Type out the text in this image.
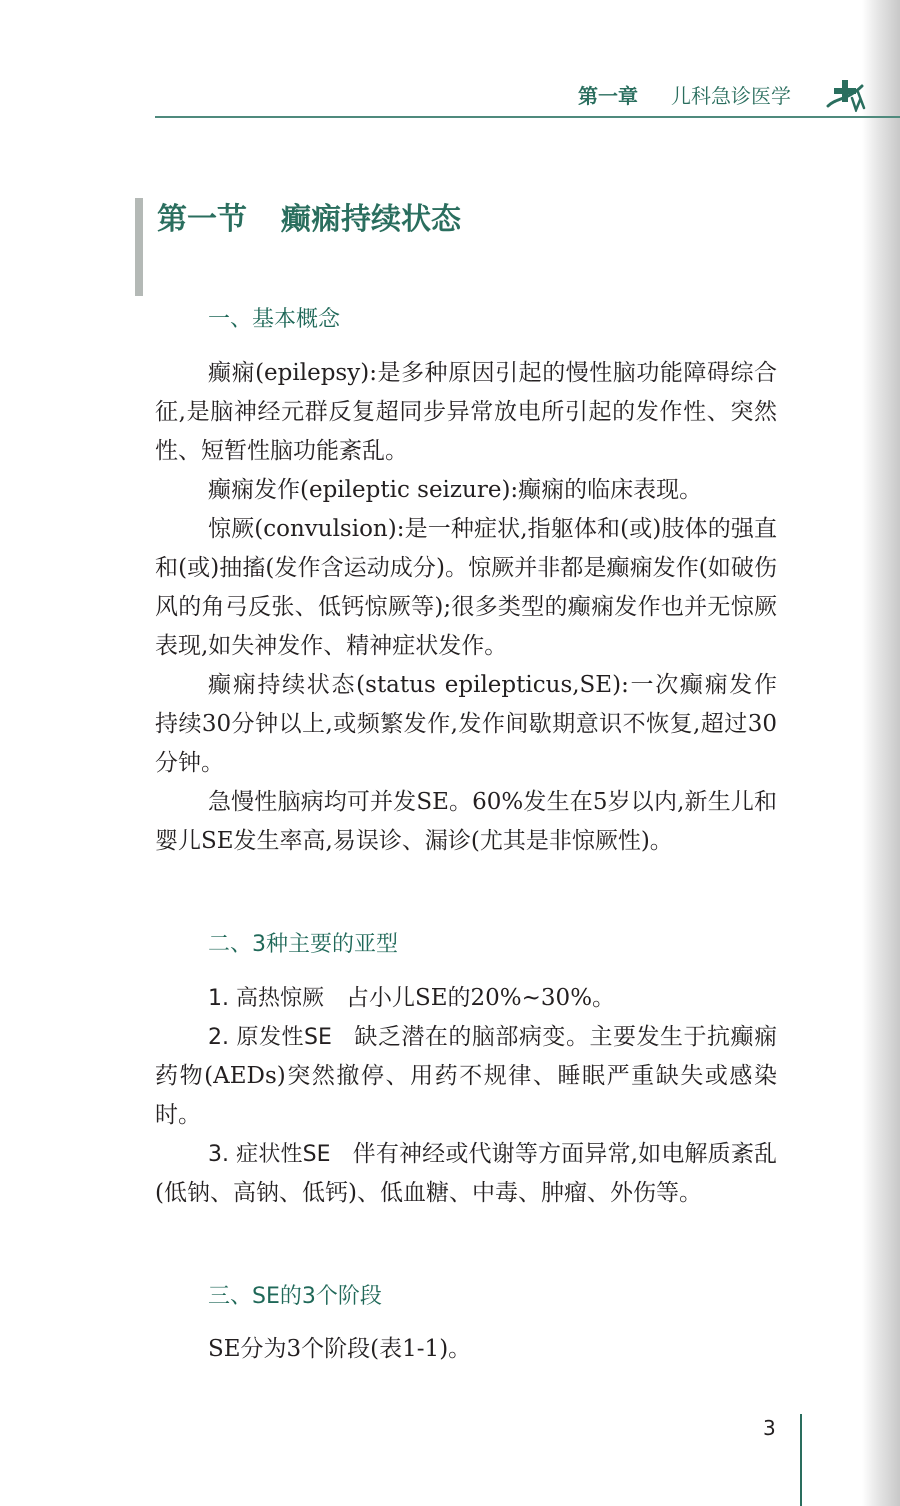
第一章 儿科急诊医学
第一节 癫痫持续状态
一、基本概念

癫痫(epilepsy):是多种原因引起的慢性脑功能障碍综合征,是脑神经元群反复超同步异常放电所引起的发作性、突然性、短暂性脑功能紊乱。

癫痫发作(epileptic seizure):癫痫的临床表现。

惊厥(convulsion):是一种症状,指躯体和(或)肢体的强直和(或)抽搐(发作含运动成分)。惊厥并非都是癫痫发作(如破伤风的角弓反张、低钙惊厥等);很多类型的癫痫发作也并无惊厥表现,如失神发作、精神症状发作。

癫痫持续状态(status epilepticus,SE):一次癫痫发作持续30分钟以上,或频繁发作,发作间歇期意识不恢复,超过30分钟。

急慢性脑病均可并发SE。60%发生在5岁以内,新生儿和婴儿SE发生率高,易误诊、漏诊(尤其是非惊厥性)。

二、3种主要的亚型

1. 高热惊厥 占小儿SE的20%~30%。

2. 原发性SE 缺乏潜在的脑部病变。主要发生于抗癫痫药物(AEDs)突然撤停、用药不规律、睡眠严重缺失或感染时。

3. 症状性SE 伴有神经或代谢等方面异常,如电解质紊乱(低钠、高钠、低钙)、低血糖、中毒、肿瘤、外伤等。

三、SE的3个阶段

SE分为3个阶段(表1-1)。

3
